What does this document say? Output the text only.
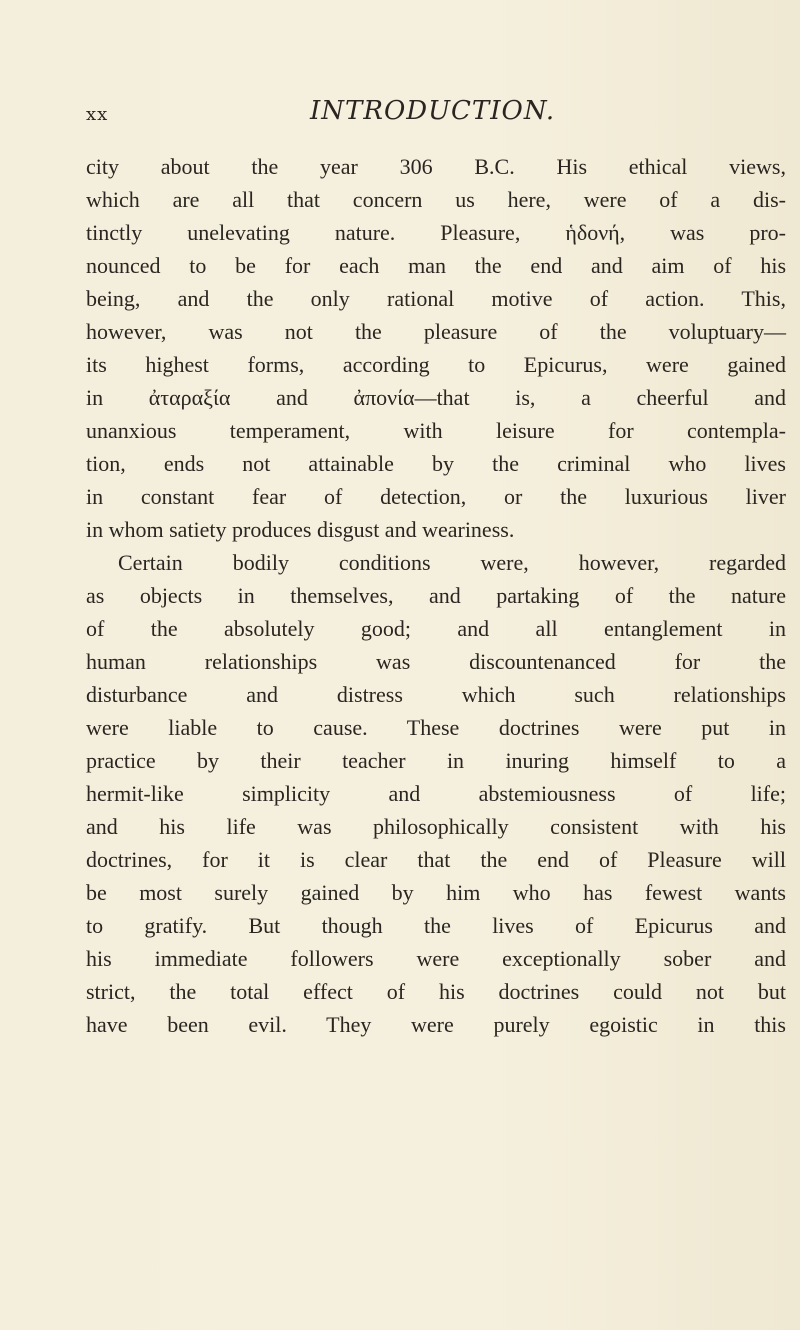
xx	INTRODUCTION.
city about the year 306 B.C. His ethical views,
which are all that concern us here, were of a dis-
tinctly unelevating nature. Pleasure, ἡδονή, was pro-
nounced to be for each man the end and aim of his
being, and the only rational motive of action. This,
however, was not the pleasure of the voluptuary—
its highest forms, according to Epicurus, were gained
in ἀταραξία and ἀπονία—that is, a cheerful and
unanxious temperament, with leisure for contempla-
tion, ends not attainable by the criminal who lives
in constant fear of detection, or the luxurious liver
in whom satiety produces disgust and weariness.
Certain bodily conditions were, however, regarded
as objects in themselves, and partaking of the nature
of the absolutely good; and all entanglement in
human relationships was discountenanced for the
disturbance and distress which such relationships
were liable to cause. These doctrines were put in
practice by their teacher in inuring himself to a
hermit-like simplicity and abstemiousness of life;
and his life was philosophically consistent with his
doctrines, for it is clear that the end of Pleasure will
be most surely gained by him who has fewest wants
to gratify. But though the lives of Epicurus and
his immediate followers were exceptionally sober and
strict, the total effect of his doctrines could not but
have been evil. They were purely egoistic in this
